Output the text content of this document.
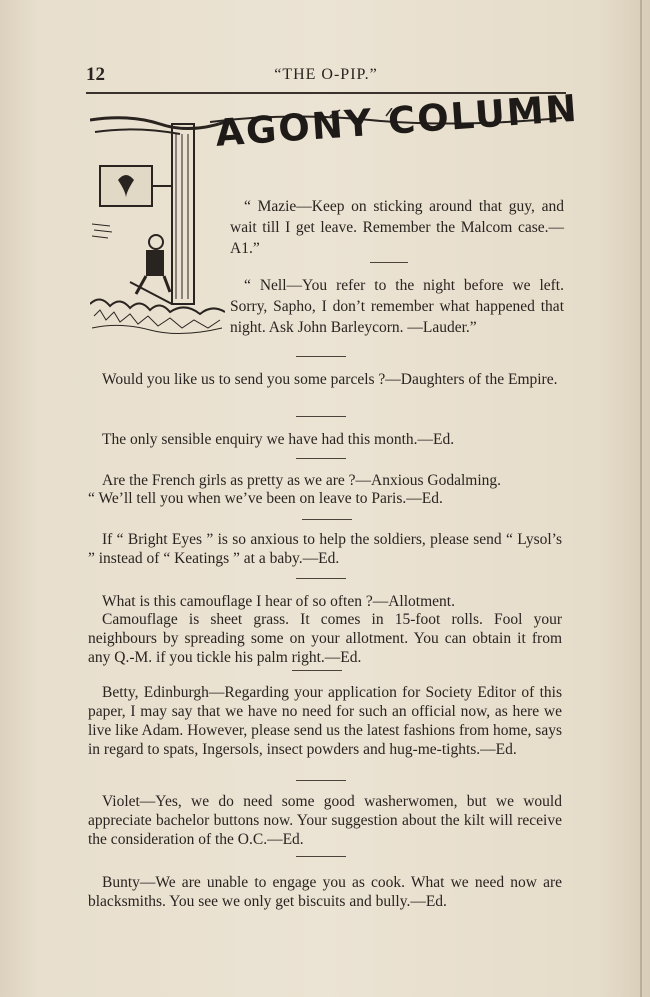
12	“THE O-PIP.”
AGONY COLUMN

“ Mazie—Keep on sticking around that guy, and wait till I get leave. Remember the Malcom case.—A1.”

“ Nell—You refer to the night before we left. Sorry, Sapho, I don’t remember what happened that night. Ask John Barleycorn. —Lauder.”

Would you like us to send you some parcels ?—Daughters of the Empire.

The only sensible enquiry we have had this month.—Ed.

Are the French girls as pretty as we are ?—Anxious Godalming.

“ We’ll tell you when we’ve been on leave to Paris.—Ed.

If “ Bright Eyes ” is so anxious to help the soldiers, please send “ Lysol’s ” instead of “ Keatings ” at a baby.—Ed.

What is this camouflage I hear of so often ?—Allotment.

Camouflage is sheet grass. It comes in 15-foot rolls. Fool your neighbours by spreading some on your allotment. You can obtain it from any Q.-M. if you tickle his palm right.—Ed.

Betty, Edinburgh—Regarding your application for Society Editor of this paper, I may say that we have no need for such an official now, as here we live like Adam. However, please send us the latest fashions from home, says in regard to spats, Ingersols, insect powders and hug-me-tights.—Ed.

Violet—Yes, we do need some good washerwomen, but we would appreciate bachelor buttons now. Your suggestion about the kilt will receive the consideration of the O.C.—Ed.

Bunty—We are unable to engage you as cook. What we need now are blacksmiths. You see we only get biscuits and bully.—Ed.
